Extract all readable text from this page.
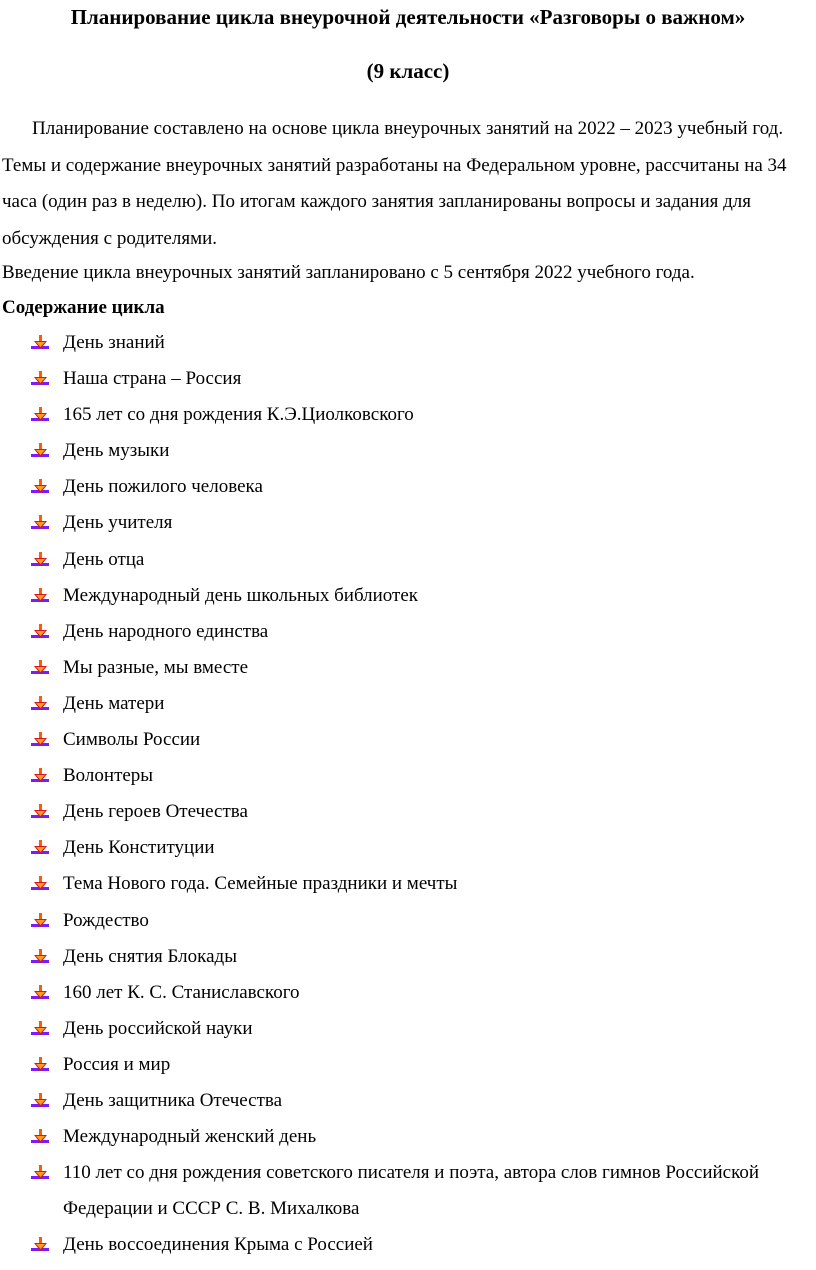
Планирование цикла внеурочной деятельности «Разговоры о важном»
(9 класс)

Планирование составлено на основе цикла внеурочных занятий на 2022 – 2023 учебный год. Темы и содержание внеурочных занятий разработаны на Федеральном уровне, рассчитаны на 34 часа (один раз в неделю). По итогам каждого занятия запланированы вопросы и задания для обсуждения с родителями.

Введение цикла внеурочных занятий запланировано с 5 сентября 2022 учебного года.

Содержание цикла

День знаний
Наша страна – Россия
165 лет со дня рождения К.Э.Циолковского
День музыки
День пожилого человека
День учителя
День отца
Международный день школьных библиотек
День народного единства
Мы разные, мы вместе
День матери
Символы России
Волонтеры
День героев Отечества
День Конституции
Тема Нового года. Семейные праздники и мечты
Рождество
День снятия Блокады
160 лет К. С. Станиславского
День российской науки
Россия и мир
День защитника Отечества
Международный женский день
110 лет со дня рождения советского писателя и поэта, автора слов гимнов Российской Федерации и СССР С. В. Михалкова
День воссоединения Крыма с Россией
